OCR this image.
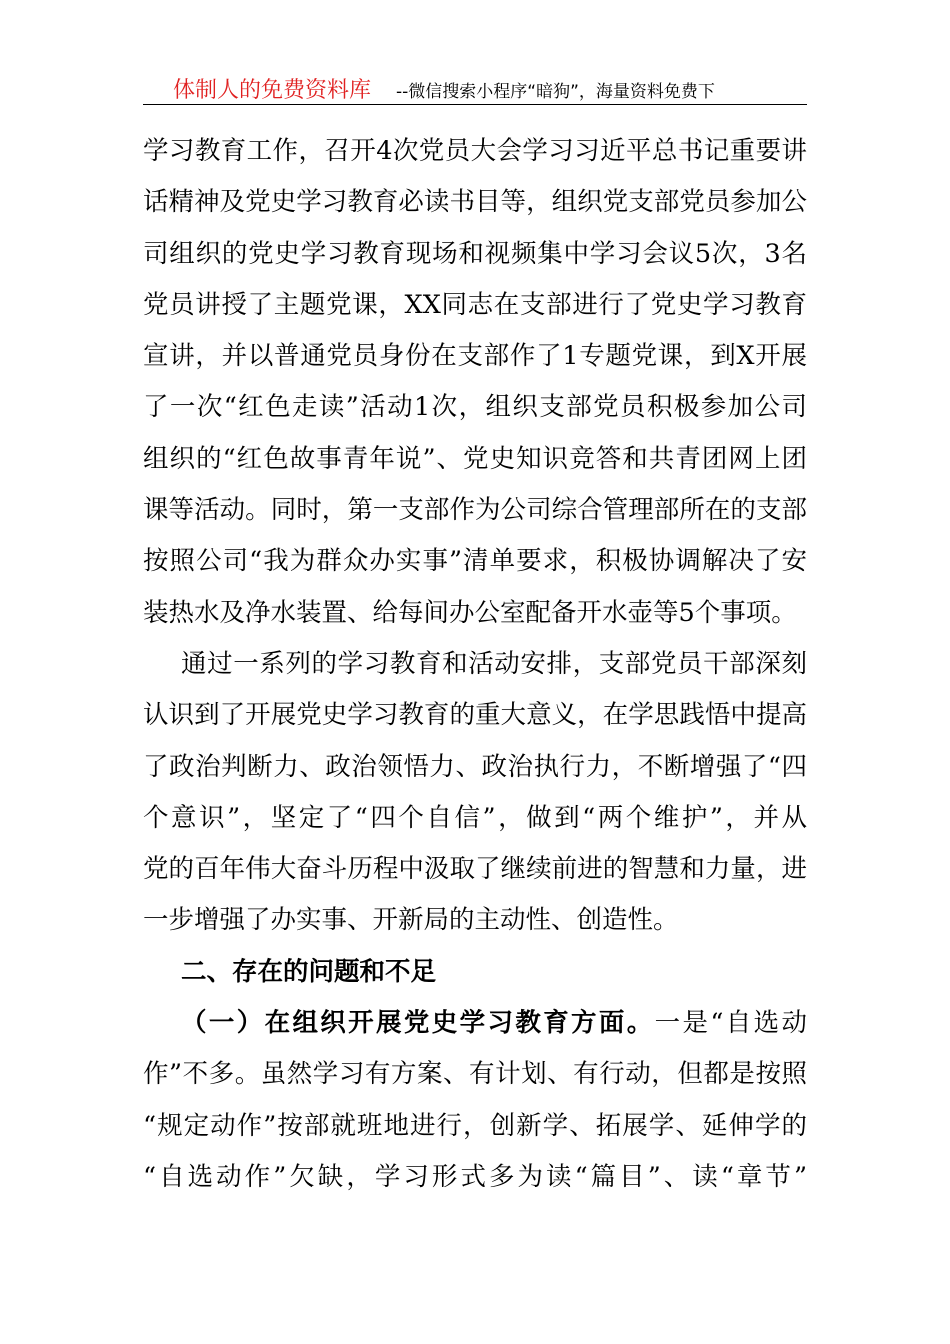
体制人的免费资料库 --微信搜索小程序“暗狗”，海量资料免费下
学习教育工作，召开4次党员大会学习习近平总书记重要讲
话精神及党史学习教育必读书目等，组织党支部党员参加公
司组织的党史学习教育现场和视频集中学习会议5次，3名
党员讲授了主题党课，XX同志在支部进行了党史学习教育
宣讲，并以普通党员身份在支部作了1专题党课，到X开展
了一次“红色走读”活动1次，组织支部党员积极参加公司
组织的“红色故事青年说”、党史知识竞答和共青团网上团
课等活动。同时，第一支部作为公司综合管理部所在的支部
按照公司“我为群众办实事”清单要求，积极协调解决了安
装热水及净水装置、给每间办公室配备开水壶等5个事项。
通过一系列的学习教育和活动安排，支部党员干部深刻
认识到了开展党史学习教育的重大意义，在学思践悟中提高
了政治判断力、政治领悟力、政治执行力，不断增强了“四
个意识”，坚定了“四个自信”，做到“两个维护”，并从
党的百年伟大奋斗历程中汲取了继续前进的智慧和力量，进
一步增强了办实事、开新局的主动性、创造性。
二、存在的问题和不足
（一）在组织开展党史学习教育方面。一是“自选动
作”不多。虽然学习有方案、有计划、有行动，但都是按照
“规定动作”按部就班地进行，创新学、拓展学、延伸学的
“自选动作”欠缺，学习形式多为读“篇目”、读“章节”
